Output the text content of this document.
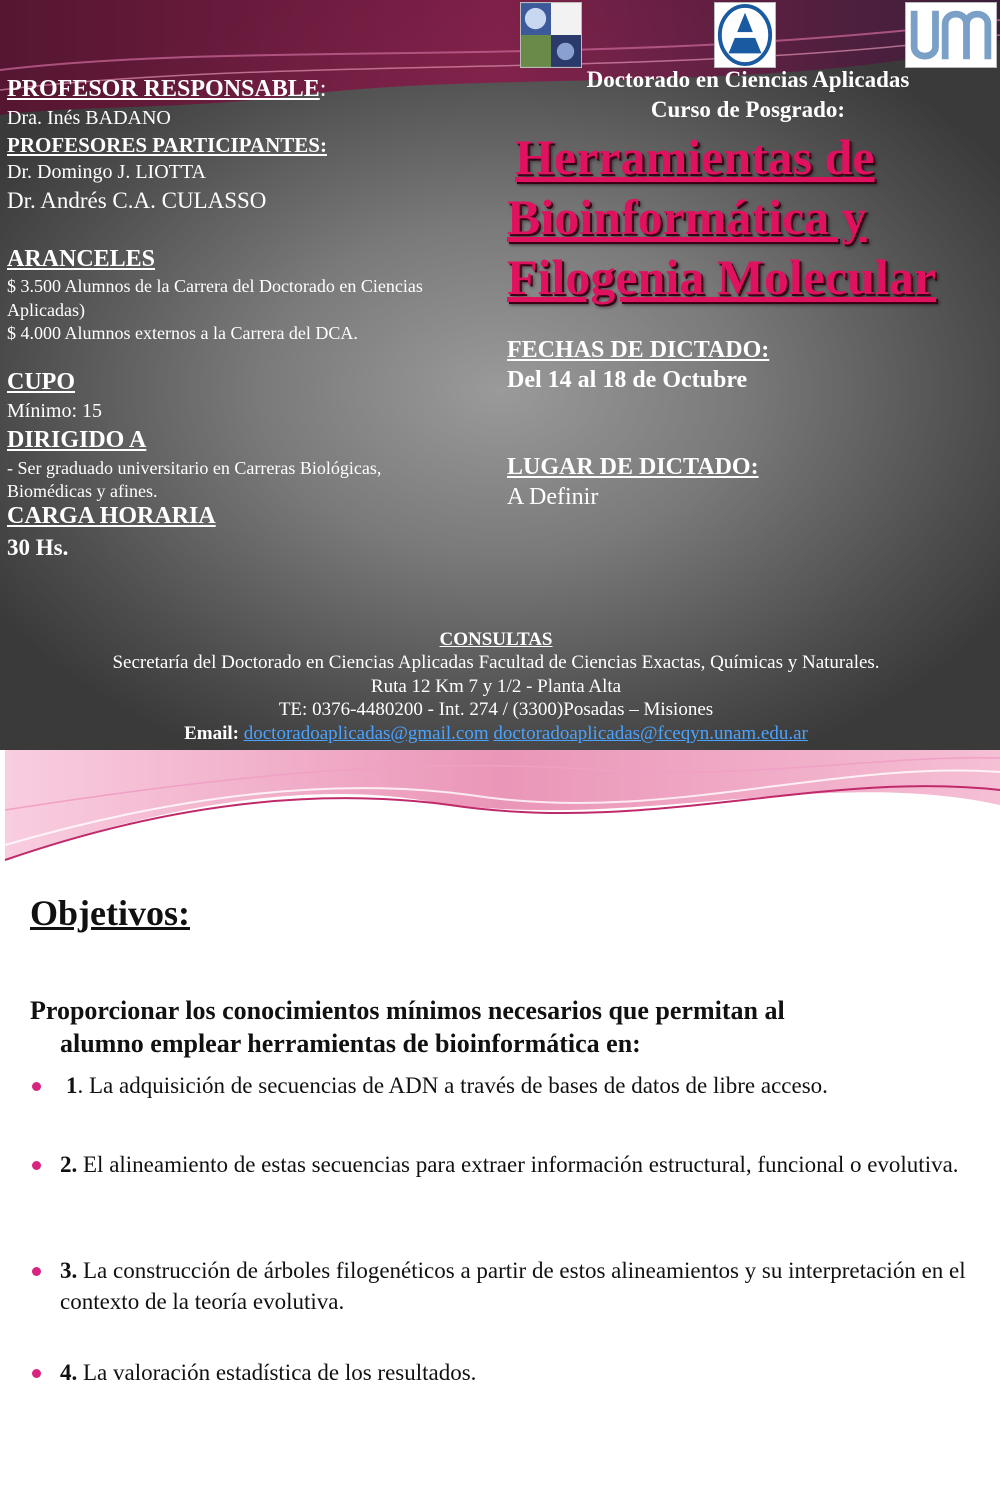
PROFESOR RESPONSABLE:
Dra. Inés BADANO
PROFESORES PARTICIPANTES:
Dr. Domingo J. LIOTTA
Dr. Andrés C.A. CULASSO
ARANCELES
$ 3.500 Alumnos de la Carrera del Doctorado en Ciencias
Aplicadas)
$ 4.000 Alumnos externos a la Carrera del DCA.
CUPO
Mínimo: 15
DIRIGIDO A
- Ser graduado universitario en Carreras Biológicas,
Biomédicas y afines.
CARGA HORARIA
30 Hs.
Doctorado en Ciencias Aplicadas
Curso de Posgrado:
Herramientas de
Bioinformática y
Filogenia Molecular
FECHAS DE DICTADO:
Del 14 al 18 de Octubre
LUGAR DE DICTADO:
A Definir
CONSULTAS
Secretaría del Doctorado en Ciencias Aplicadas Facultad de Ciencias Exactas, Químicas y Naturales.
Ruta 12 Km 7 y 1/2 - Planta Alta
TE: 0376-4480200 - Int. 274 / (3300)Posadas – Misiones
Email: doctoradoaplicadas@gmail.com doctoradoaplicadas@fceqyn.unam.edu.ar
Objetivos:
Proporcionar los conocimientos mínimos necesarios que permitan al
alumno emplear herramientas de bioinformática en:
1. La adquisición de secuencias de ADN a través de bases de datos de libre acceso.
2. El alineamiento de estas secuencias para extraer información estructural, funcional o evolutiva.
3. La construcción de árboles filogenéticos a partir de estos alineamientos y su interpretación en el contexto de la teoría evolutiva.
4. La valoración estadística de los resultados.
